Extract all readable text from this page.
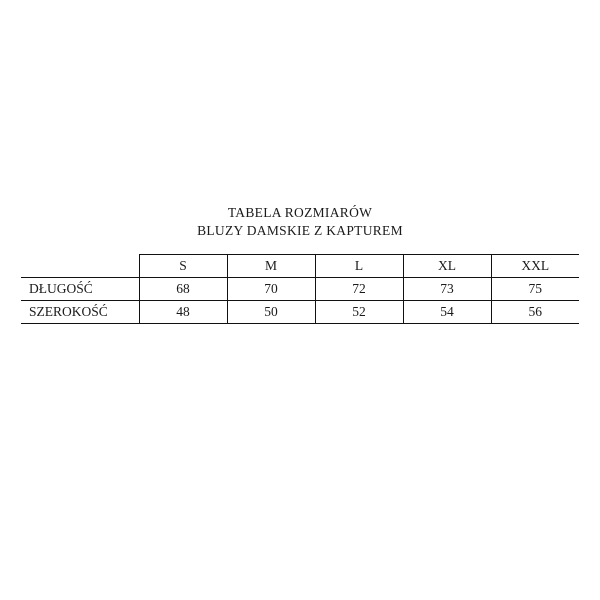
TABELA ROZMIARÓW
BLUZY DAMSKIE Z KAPTUREM
	S	M	L	XL	XXL
DŁUGOŚĆ	68	70	72	73	75
SZEROKOŚĆ	48	50	52	54	56
